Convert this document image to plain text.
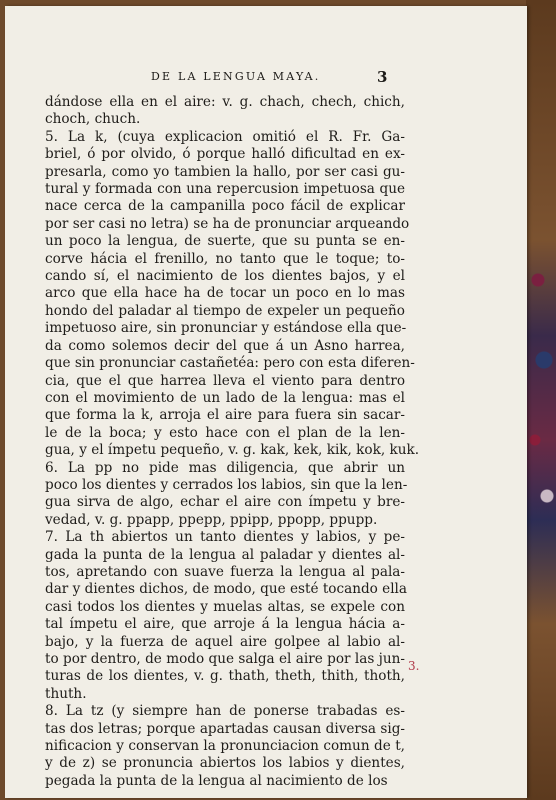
DE LA LENGUA MAYA.	3
dándose ella en el aire: v. g. chach, chech, chich,
choch, chuch.
5. La k, (cuya explicacion omitió el R. Fr. Ga-
briel, ó por olvido, ó porque halló dificultad en ex-
presarla, como yo tambien la hallo, por ser casi gu-
tural y formada con una repercusion impetuosa que
nace cerca de la campanilla poco fácil de explicar
por ser casi no letra) se ha de pronunciar arqueando
un poco la lengua, de suerte, que su punta se en-
corve hácia el frenillo, no tanto que le toque; to-
cando sí, el nacimiento de los dientes bajos, y el
arco que ella hace ha de tocar un poco en lo mas
hondo del paladar al tiempo de expeler un pequeño
impetuoso aire, sin pronunciar y estándose ella que-
da como solemos decir del que á un Asno harrea,
que sin pronunciar castañetéa: pero con esta diferen-
cia, que el que harrea lleva el viento para dentro
con el movimiento de un lado de la lengua: mas el
que forma la k, arroja el aire para fuera sin sacar-
le de la boca; y esto hace con el plan de la len-
gua, y el ímpetu pequeño, v. g. kak, kek, kik, kok, kuk.
6. La pp no pide mas diligencia, que abrir un
poco los dientes y cerrados los labios, sin que la len-
gua sirva de algo, echar el aire con ímpetu y bre-
vedad, v. g. ppapp, ppepp, ppipp, ppopp, ppupp.
7. La th abiertos un tanto dientes y labios, y pe-
gada la punta de la lengua al paladar y dientes al-
tos, apretando con suave fuerza la lengua al pala-
dar y dientes dichos, de modo, que esté tocando ella
casi todos los dientes y muelas altas, se expele con
tal ímpetu el aire, que arroje á la lengua hácia a-
bajo, y la fuerza de aquel aire golpee al labio al-
to por dentro, de modo que salga el aire por las jun-
turas de los dientes, v. g. thath, theth, thith, thoth,
thuth.
8. La tz (y siempre han de ponerse trabadas es-
tas dos letras; porque apartadas causan diversa sig-
nificacion y conservan la pronunciacion comun de t,
y de z) se pronuncia abiertos los labios y dientes,
pegada la punta de la lengua al nacimiento de los
3.
